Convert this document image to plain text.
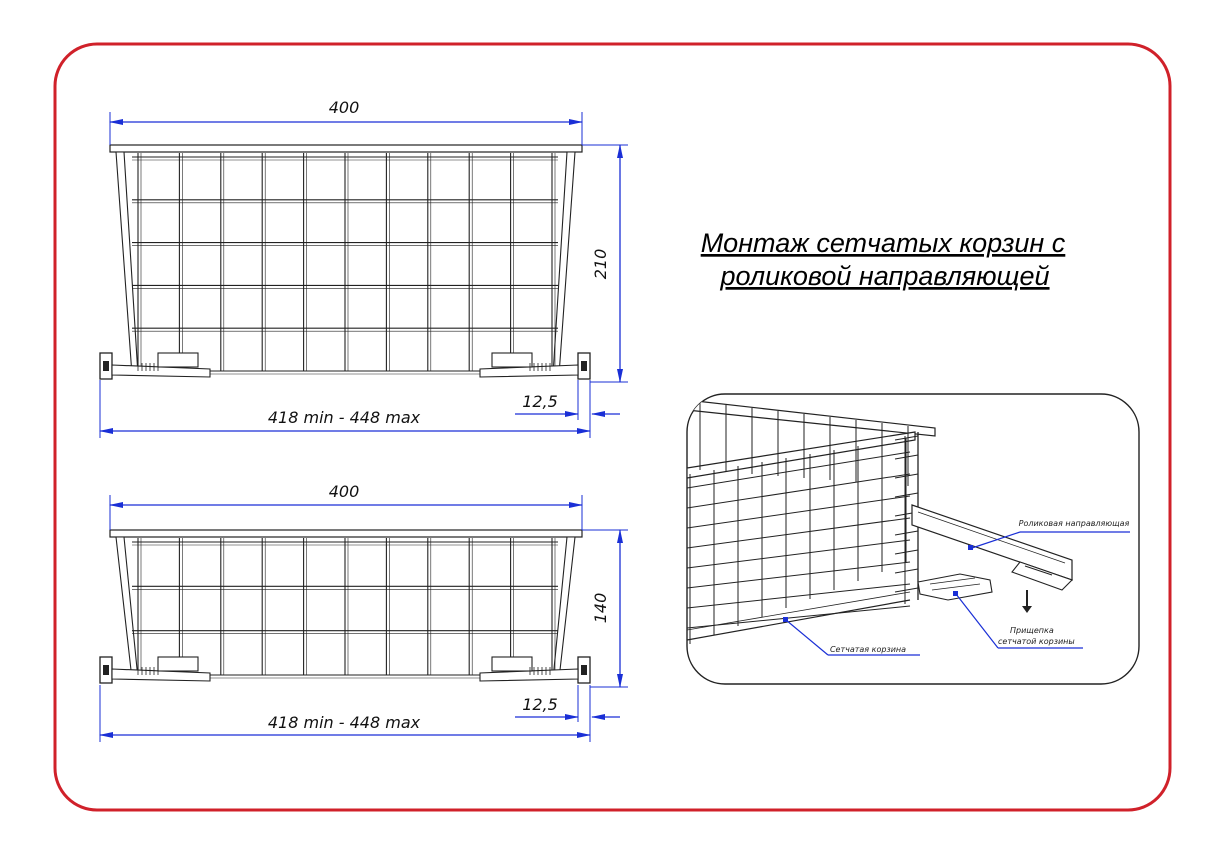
400
210
418 min - 448 max
12,5
400
140
418 min - 448 max
12,5
Монтаж сетчатых корзин с
роликовой направляющей
Роликовая направляющая
Сетчатая корзина
Прищепка
сетчатой корзины
